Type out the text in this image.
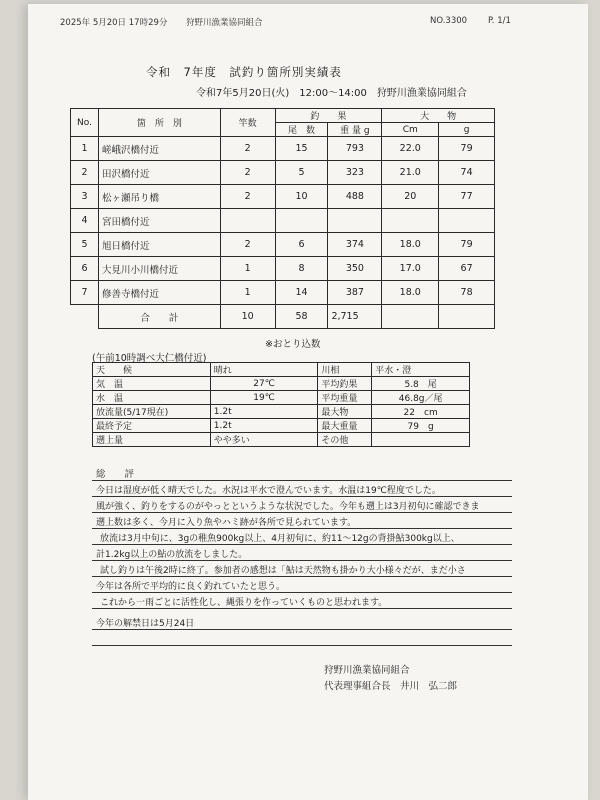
2025年 5月20日 17時29分 狩野川漁業協同組合	NO.3300 P. 1/1
令和　7年度　試釣り箇所別実績表
令和7年5月20日(火)　12:00～14:00　狩野川漁業協同組合
No.	箇　所　別	竿数	釣　　果		大　　物	
			尾　数	重 量 g	Cm	g
1	嵯峨沢橋付近	2	15	793	22.0	79
2	田沢橋付近	2	5	323	21.0	74
3	松ヶ瀬吊り橋	2	10	488	20	77
4	宮田橋付近					
5	旭日橋付近	2	6	374	18.0	79
6	大見川小川橋付近	1	8	350	17.0	67
7	修善寺橋付近	1	14	387	18.0	78
	合　　計	10	58	2,715		
※おとり込数
(午前10時調べ大仁橋付近)
天　　候	晴れ	川相	平水・澄
気　温	27℃	平均釣果	5.8　尾
水　温	19℃	平均重量	46.8g／尾
放流量(5/17現在)	1.2t	最大物	22　cm
最終予定	1.2t	最大重量	79　g
遡上量	やや多い	その他	
総　　評
今日は湿度が低く晴天でした。水況は平水で澄んでいます。水温は19℃程度でした。
風が強く、釣りをするのがやっとというような状況でした。今年も遡上は3月初旬に確認できま
遡上数は多く、今月に入り魚やハミ跡が各所で見られています。
放流は3月中旬に、3gの稚魚900kg以上、4月初旬に、約11～12gの背掛鮎300kg以上、
計1.2kg以上の鮎の放流をしました。
試し釣りは午後2時に終了。参加者の感想は「鮎は天然物も掛かり大小様々だが、まだ小さ
今年は各所で平均的に良く釣れていたと思う。
これから一雨ごとに活性化し、縄張りを作っていくものと思われます。
今年の解禁日は5月24日
狩野川漁業協同組合
代表理事組合長　井川　弘二郎
